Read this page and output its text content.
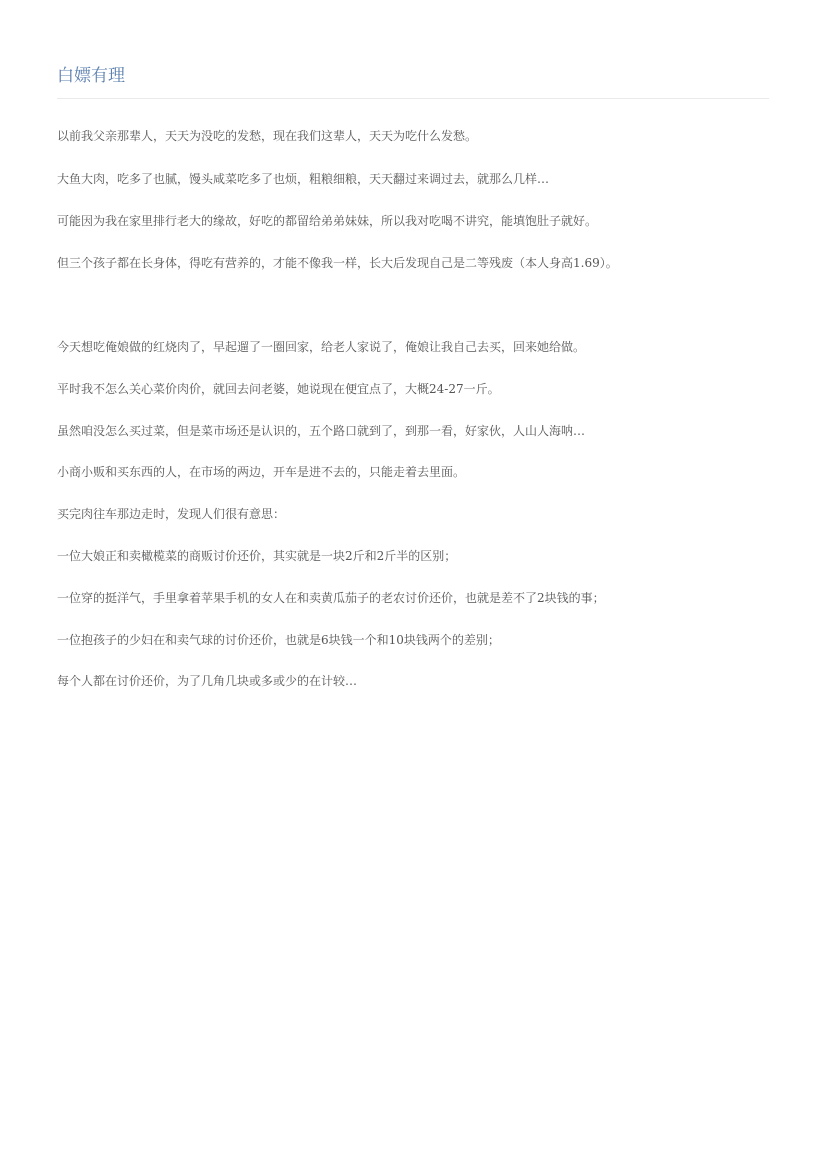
白嫖有理

以前我父亲那辈人，天天为没吃的发愁，现在我们这辈人，天天为吃什么发愁。

大鱼大肉，吃多了也腻，馒头咸菜吃多了也烦，粗粮细粮，天天翻过来调过去，就那么几样…

可能因为我在家里排行老大的缘故，好吃的都留给弟弟妹妹，所以我对吃喝不讲究，能填饱肚子就好。

但三个孩子都在长身体，得吃有营养的，才能不像我一样，长大后发现自己是二等残废（本人身高1.69）。

今天想吃俺娘做的红烧肉了，早起遛了一圈回家，给老人家说了，俺娘让我自己去买，回来她给做。

平时我不怎么关心菜价肉价，就回去问老婆，她说现在便宜点了，大概24-27一斤。

虽然咱没怎么买过菜，但是菜市场还是认识的，五个路口就到了，到那一看，好家伙，人山人海呐…

小商小贩和买东西的人，在市场的两边，开车是进不去的，只能走着去里面。

买完肉往车那边走时，发现人们很有意思：

一位大娘正和卖橄榄菜的商贩讨价还价，其实就是一块2斤和2斤半的区别；

一位穿的挺洋气，手里拿着苹果手机的女人在和卖黄瓜茄子的老农讨价还价，也就是差不了2块钱的事；

一位抱孩子的少妇在和卖气球的讨价还价，也就是6块钱一个和10块钱两个的差别；

每个人都在讨价还价，为了几角几块或多或少的在计较…
